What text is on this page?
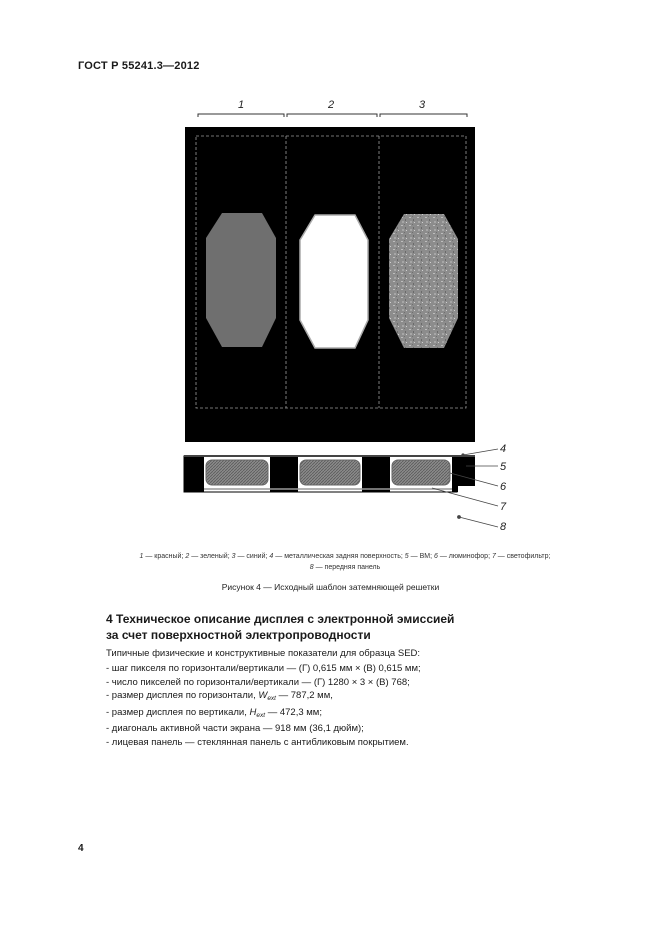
ГОСТ Р 55241.3—2012
1	2	3
4
5
6
7
8
1 — красный; 2 — зеленый; 3 — синий; 4 — металлическая задняя поверхность; 5 — ВМ; 6 — люминофор; 7 — светофильтр;
8 — передняя панель
Рисунок 4 — Исходный шаблон затемняющей решетки
4 Техническое описание дисплея с электронной эмиссией
за счет поверхностной электропроводности
Типичные физические и конструктивные показатели для образца SED:
- шаг пикселя по горизонтали/вертикали — (Г) 0,615 мм × (В) 0,615 мм;
- число пикселей по горизонтали/вертикали — (Г) 1280 × 3 × (В) 768;
- размер дисплея по горизонтали, $W_{ext}$ — 787,2 мм,
- размер дисплея по вертикали, $H_{ext}$ — 472,3 мм;
- диагональ активной части экрана — 918 мм (36,1 дюйм);
- лицевая панель — стеклянная панель с антибликовым покрытием.
4
